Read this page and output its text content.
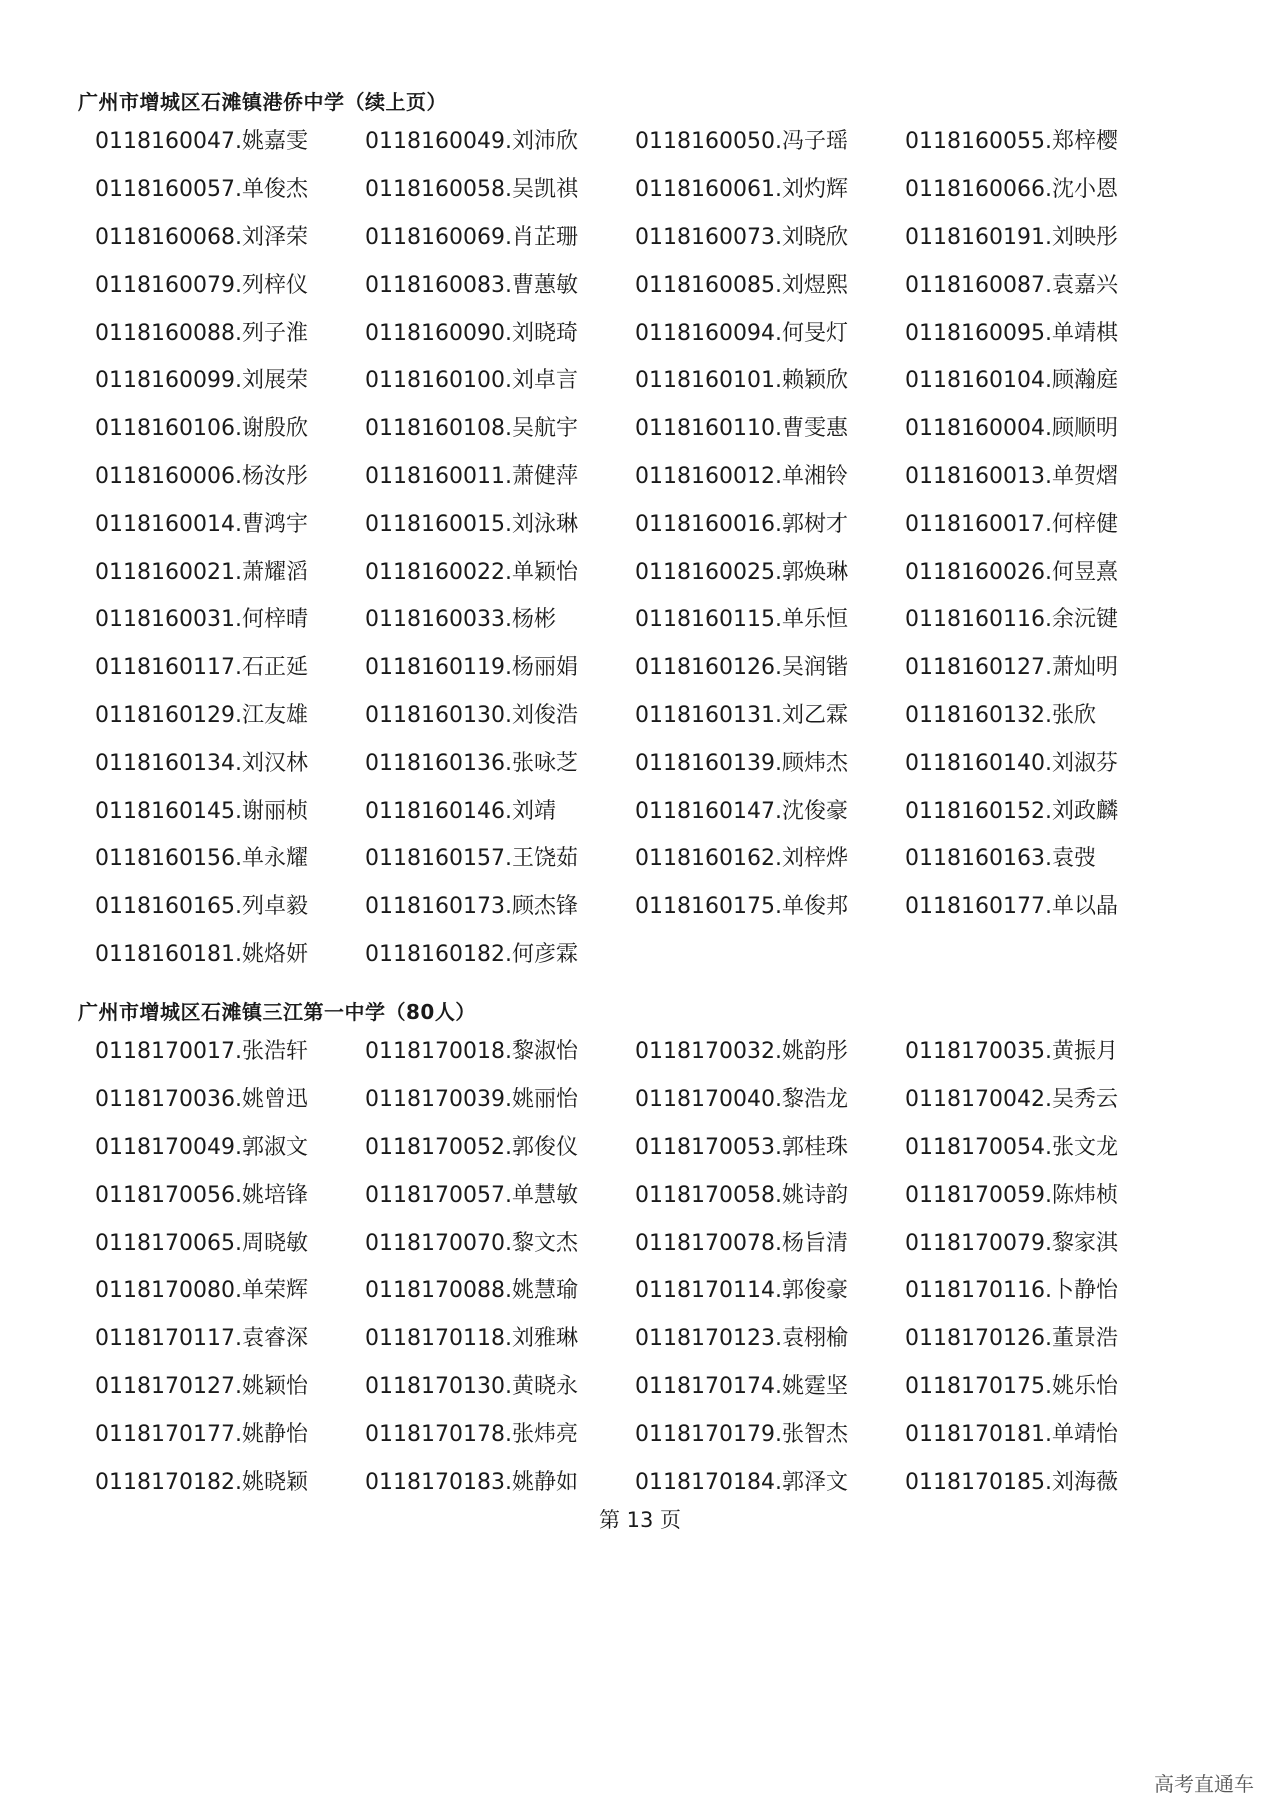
广州市增城区石滩镇港侨中学（续上页）
0118160047.姚嘉雯	0118160049.刘沛欣	0118160050.冯子瑶	0118160055.郑梓樱
0118160057.单俊杰	0118160058.吴凯祺	0118160061.刘灼辉	0118160066.沈小恩
0118160068.刘泽荣	0118160069.肖芷珊	0118160073.刘晓欣	0118160191.刘映彤
0118160079.列梓仪	0118160083.曹蕙敏	0118160085.刘煜熙	0118160087.袁嘉兴
0118160088.列子淮	0118160090.刘晓琦	0118160094.何旻灯	0118160095.单靖棋
0118160099.刘展荣	0118160100.刘卓言	0118160101.赖颖欣	0118160104.顾瀚庭
0118160106.谢殷欣	0118160108.吴航宇	0118160110.曹雯惠	0118160004.顾顺明
0118160006.杨汝彤	0118160011.萧健萍	0118160012.单湘铃	0118160013.单贺熠
0118160014.曹鸿宇	0118160015.刘泳琳	0118160016.郭树才	0118160017.何梓健
0118160021.萧耀滔	0118160022.单颖怡	0118160025.郭焕琳	0118160026.何昱熹
0118160031.何梓晴	0118160033.杨彬	0118160115.单乐恒	0118160116.余沅键
0118160117.石正延	0118160119.杨丽娟	0118160126.吴润锴	0118160127.萧灿明
0118160129.江友雄	0118160130.刘俊浩	0118160131.刘乙霖	0118160132.张欣
0118160134.刘汉林	0118160136.张咏芝	0118160139.顾炜杰	0118160140.刘淑芬
0118160145.谢丽桢	0118160146.刘靖	0118160147.沈俊豪	0118160152.刘政麟
0118160156.单永耀	0118160157.王饶茹	0118160162.刘梓烨	0118160163.袁弢
0118160165.列卓毅	0118160173.顾杰锋	0118160175.单俊邦	0118160177.单以晶
0118160181.姚烙妍	0118160182.何彦霖
广州市增城区石滩镇三江第一中学（80人）
0118170017.张浩轩	0118170018.黎淑怡	0118170032.姚韵彤	0118170035.黄振月
0118170036.姚曾迅	0118170039.姚丽怡	0118170040.黎浩龙	0118170042.吴秀云
0118170049.郭淑文	0118170052.郭俊仪	0118170053.郭桂珠	0118170054.张文龙
0118170056.姚培锋	0118170057.单慧敏	0118170058.姚诗韵	0118170059.陈炜桢
0118170065.周晓敏	0118170070.黎文杰	0118170078.杨旨清	0118170079.黎家淇
0118170080.单荣辉	0118170088.姚慧瑜	0118170114.郭俊豪	0118170116.卜静怡
0118170117.袁睿深	0118170118.刘雅琳	0118170123.袁栩榆	0118170126.董景浩
0118170127.姚颖怡	0118170130.黄晓永	0118170174.姚霆坚	0118170175.姚乐怡
0118170177.姚静怡	0118170178.张炜亮	0118170179.张智杰	0118170181.单靖怡
0118170182.姚晓颖	0118170183.姚静如	0118170184.郭泽文	0118170185.刘海薇
第 13 页
高考直通车
